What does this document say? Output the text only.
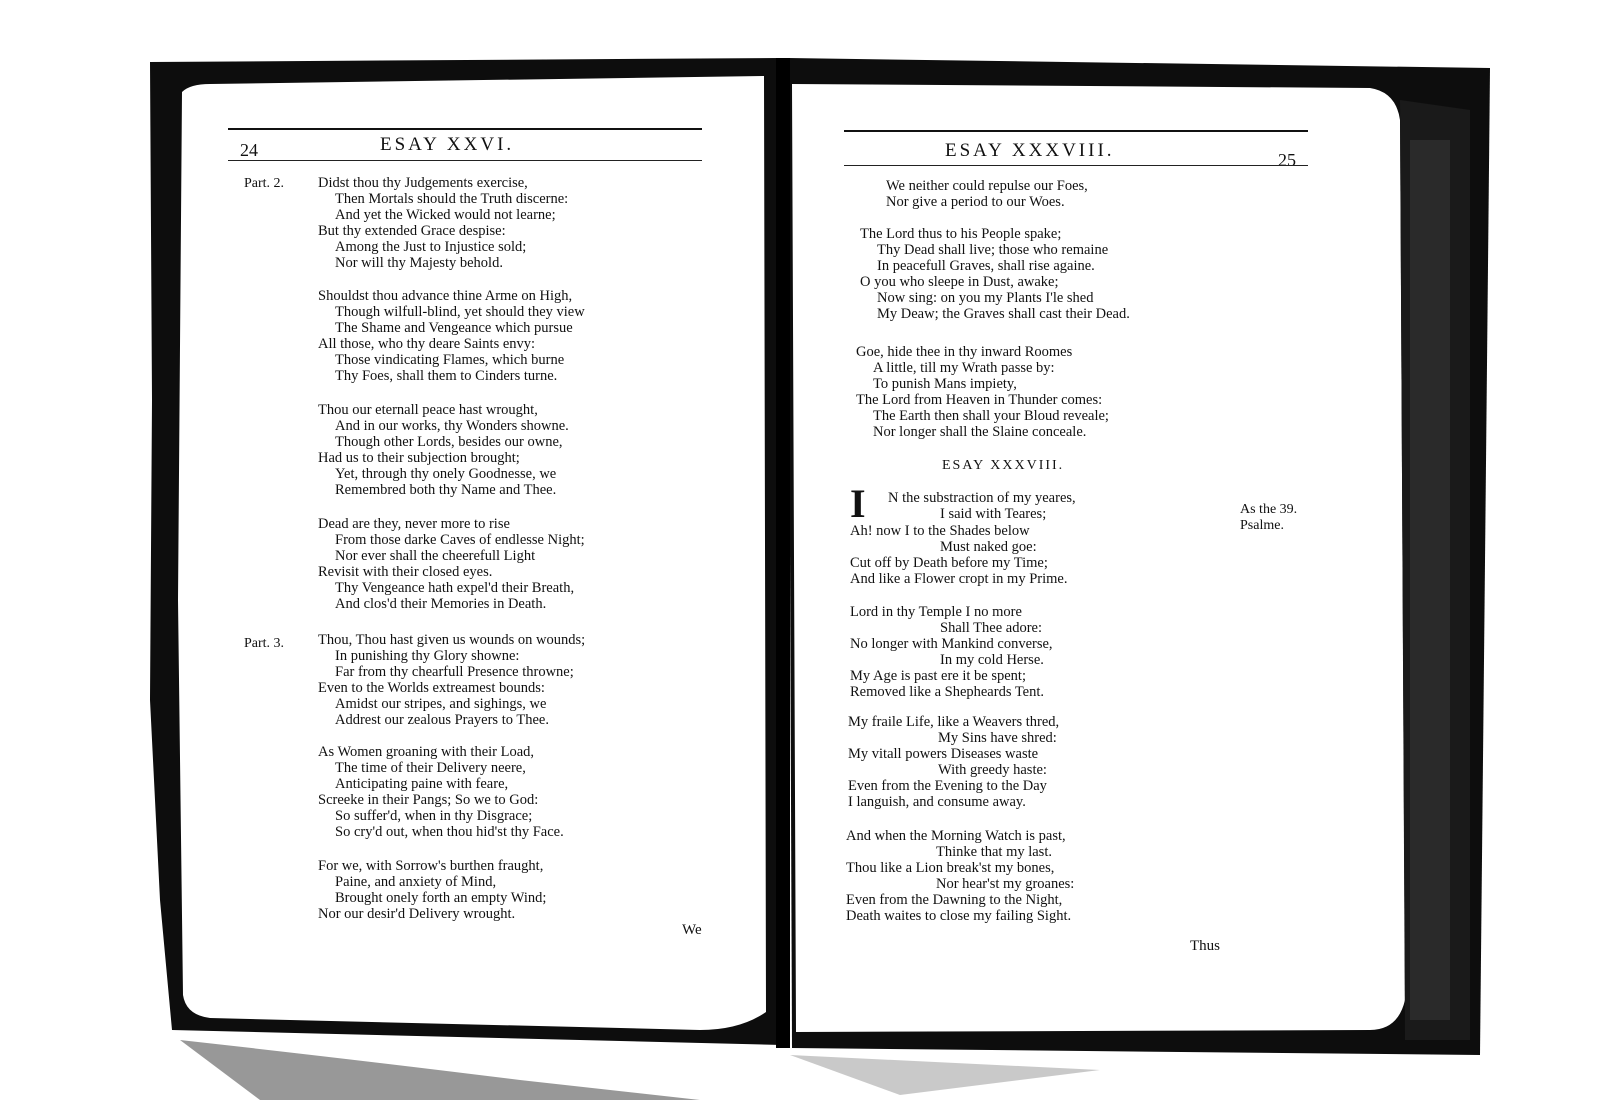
24	ESAY XXVI.
Part. 2.
Part. 3.
Didst thou thy Judgements exercise,
Then Mortals should the Truth discerne:
And yet the Wicked would not learne;
But thy extended Grace despise:
Among the Just to Injustice sold;
Nor will thy Majesty behold.
Shouldst thou advance thine Arme on High,
Though wilfull-blind, yet should they view
The Shame and Vengeance which pursue
All those, who thy deare Saints envy:
Those vindicating Flames, which burne
Thy Foes, shall them to Cinders turne.
Thou our eternall peace hast wrought,
And in our works, thy Wonders showne.
Though other Lords, besides our owne,
Had us to their subjection brought;
Yet, through thy onely Goodnesse, we
Remembred both thy Name and Thee.
Dead are they, never more to rise
From those darke Caves of endlesse Night;
Nor ever shall the cheerefull Light
Revisit with their closed eyes.
Thy Vengeance hath expel'd their Breath,
And clos'd their Memories in Death.
Thou, Thou hast given us wounds on wounds;
In punishing thy Glory showne:
Far from thy chearfull Presence throwne;
Even to the Worlds extreamest bounds:
Amidst our stripes, and sighings, we
Addrest our zealous Prayers to Thee.
As Women groaning with their Load,
The time of their Delivery neere,
Anticipating paine with feare,
Screeke in their Pangs; So we to God:
So suffer'd, when in thy Disgrace;
So cry'd out, when thou hid'st thy Face.
For we, with Sorrow's burthen fraught,
Paine, and anxiety of Mind,
Brought onely forth an empty Wind;
Nor our desir'd Delivery wrought.
We
ESAY XXXVIII.	25
We neither could repulse our Foes,
Nor give a period to our Woes.
The Lord thus to his People spake;
Thy Dead shall live; those who remaine
In peacefull Graves, shall rise againe.
O you who sleepe in Dust, awake;
Now sing: on you my Plants I'le shed
My Deaw; the Graves shall cast their Dead.
Goe, hide thee in thy inward Roomes
A little, till my Wrath passe by:
To punish Mans impiety,
The Lord from Heaven in Thunder comes:
The Earth then shall your Bloud reveale;
Nor longer shall the Slaine conceale.
ESAY XXXVIII.
I N the substraction of my yeares,
I said with Teares;
Ah! now I to the Shades below
Must naked goe:
Cut off by Death before my Time;
And like a Flower cropt in my Prime.
Lord in thy Temple I no more
Shall Thee adore:
No longer with Mankind converse,
In my cold Herse.
My Age is past ere it be spent;
Removed like a Shepheards Tent.
My fraile Life, like a Weavers thred,
My Sins have shred:
My vitall powers Diseases waste
With greedy haste:
Even from the Evening to the Day
I languish, and consume away.
And when the Morning Watch is past,
Thinke that my last.
Thou like a Lion break'st my bones,
Nor hear'st my groanes:
Even from the Dawning to the Night,
Death waites to close my failing Sight.
As the 39.
Psalme.
Thus
